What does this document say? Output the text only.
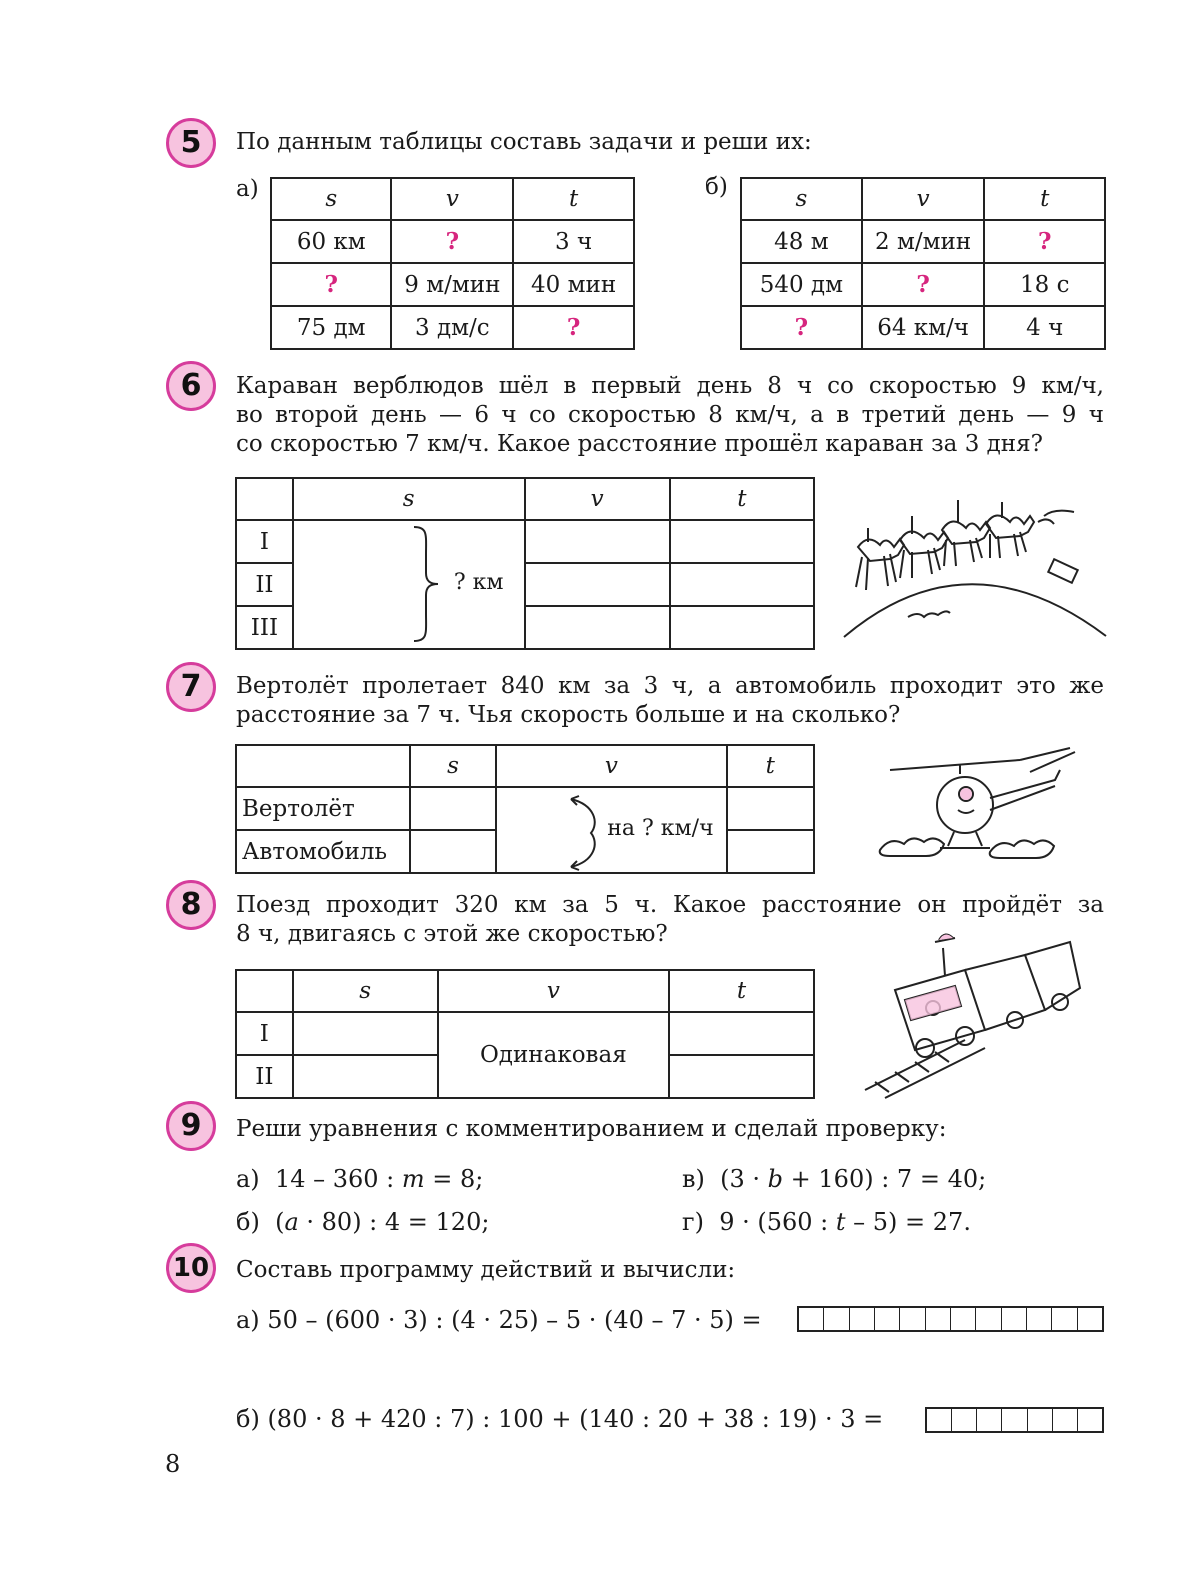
5 По данным таблицы составь задачи и реши их:
а)	s	v	t
60 км	?	3 ч
?	9 м/мин	40 мин
75 дм	3 дм/с	?
б)	s	v	t
48 м	2 м/мин	?
540 дм	?	18 с
?	64 км/ч	4 ч
6 Караван верблюдов шёл в первый день 8 ч со скоростью 9 км/ч,
во второй день — 6 ч со скоростью 8 км/ч, а в третий день — 9 ч
со скоростью 7 км/ч. Какое расстояние прошёл караван за 3 дня?
	s	v	t
I	? км		

II			
III			
7 Вертолёт пролетает 840 км за 3 ч, а автомобиль проходит это же
расстояние за 7 ч. Чья скорость больше и на сколько?
	s	v	t
Вертолёт		на ? км/ч	

Автомобиль			
8 Поезд проходит 320 км за 5 ч. Какое расстояние он пройдёт за
8 ч, двигаясь с этой же скоростью?
	s	v	t
I		Одинаковая	
II			
9 Реши уравнения с комментированием и сделай проверку:
а) 14 – 360 : m = 8;
б) (a · 80) : 4 = 120;
в) (3 · b + 160) : 7 = 40;
г) 9 · (560 : t – 5) = 27.
10 Составь программу действий и вычисли:
а) 50 – (600 · 3) : (4 · 25) – 5 · (40 – 7 · 5) =
б) (80 · 8 + 420 : 7) : 100 + (140 : 20 + 38 : 19) · 3 =
8
